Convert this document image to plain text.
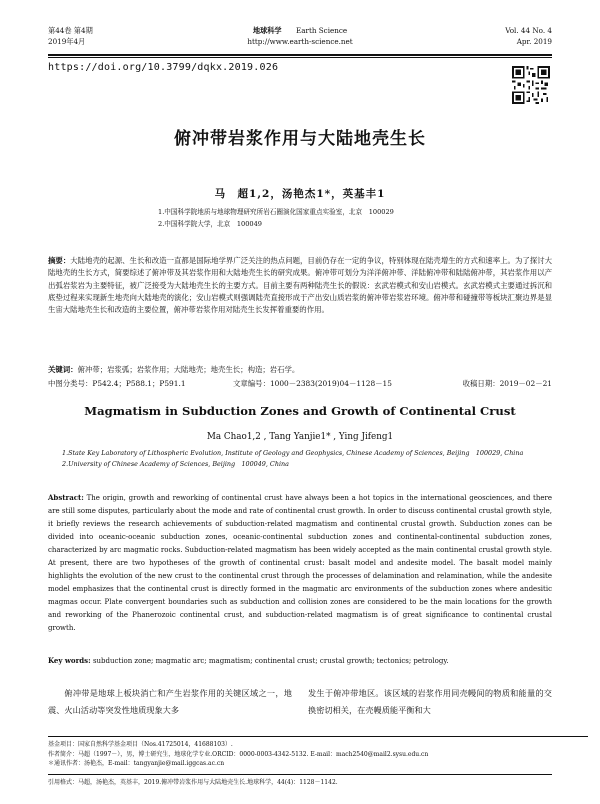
第44卷 第4期	地球科学　　 Earth Science	Vol. 44 No. 4
2019年4月	http://www.earth-science.net	Apr. 2019
https://doi.org/10.3799/dqkx.2019.026
俯冲带岩浆作用与大陆地壳生长
马　超1,2，汤艳杰1*，英基丰1
1.中国科学院地质与地球物理研究所岩石圈演化国家重点实验室，北京　100029
2.中国科学院大学，北京　100049
摘要：大陆地壳的起源、生长和改造一直都是国际地学界广泛关注的热点问题，目前仍存在一定的争议，特别体现在陆壳增生的方式和速率上。为了探讨大陆地壳的生长方式，简要综述了俯冲带及其岩浆作用和大陆地壳生长的研究成果。俯冲带可划分为洋洋俯冲带、洋陆俯冲带和陆陆俯冲带，其岩浆作用以产出弧岩浆岩为主要特征，被广泛接受为大陆地壳生长的主要方式。目前主要有两种陆壳生长的假说：玄武岩模式和安山岩模式。玄武岩模式主要通过拆沉和底垫过程来实现新生地壳向大陆地壳的演化；安山岩模式则强调陆壳直接形成于产出安山质岩浆的俯冲带岩浆岩环境。俯冲带和碰撞带等板块汇聚边界是显生宙大陆地壳生长和改造的主要位置，俯冲带岩浆作用对陆壳生长发挥着重要的作用。
关键词：俯冲带；岩浆弧；岩浆作用；大陆地壳；地壳生长；构造；岩石学。
中图分类号：P542.4；P588.1；P591.1	文章编号：1000－2383(2019)04－1128－15	收稿日期：2019－02－21
Magmatism in Subduction Zones and Growth of Continental Crust
Ma Chao1,2 , Tang Yanjie1* , Ying Jifeng1
1.State Key Laboratory of Lithospheric Evolution, Institute of Geology and Geophysics, Chinese Academy of Sciences, Beijing　100029, China
2.University of Chinese Academy of Sciences, Beijing　100049, China
Abstract: The origin, growth and reworking of continental crust have always been a hot topics in the international geosciences, and there are still some disputes, particularly about the mode and rate of continental crust growth. In order to discuss continental crustal growth style, it briefly reviews the research achievements of subduction-related magmatism and continental crustal growth. Subduction zones can be divided into oceanic-oceanic subduction zones, oceanic-continental subduction zones and continental-continental subduction zones, characterized by arc magmatic rocks. Subduction-related magmatism has been widely accepted as the main continental crustal growth style. At present, there are two hypotheses of the growth of continental crust: basalt model and andesite model. The basalt model mainly highlights the evolution of the new crust to the continental crust through the processes of delamination and relamination, while the andesite model emphasizes that the continental crust is directly formed in the magmatic arc environments of the subduction zones where andesitic magmas occur. Plate convergent boundaries such as subduction and collision zones are considered to be the main locations for the growth and reworking of the Phanerozoic continental crust, and subduction-related magmatism is of great significance to continental crustal growth.
Key words: subduction zone; magmatic arc; magmatism; continental crust; crustal growth; tectonics; petrology.
俯冲带是地球上板块消亡和产生岩浆作用的关键区域之一，地震、火山活动等突发性地质现象大多
发生于俯冲带地区。该区域的岩浆作用同壳幔间的物质和能量的交换密切相关，在壳幔质能平衡和大
基金项目：国家自然科学基金项目（Nos.41725014，41688103）.
作者简介：马超（1997－），男，博士研究生，地球化学专业.ORCID：0000-0003-4342-5132. E-mail：mach2540@mail2.sysu.edu.cn
＊通讯作者：汤艳杰，E-mail：tangyanjie@mail.iggcas.ac.cn
引用格式：马超，汤艳杰，英基丰，2019.俯冲带岩浆作用与大陆地壳生长.地球科学，44(4)：1128－1142.
